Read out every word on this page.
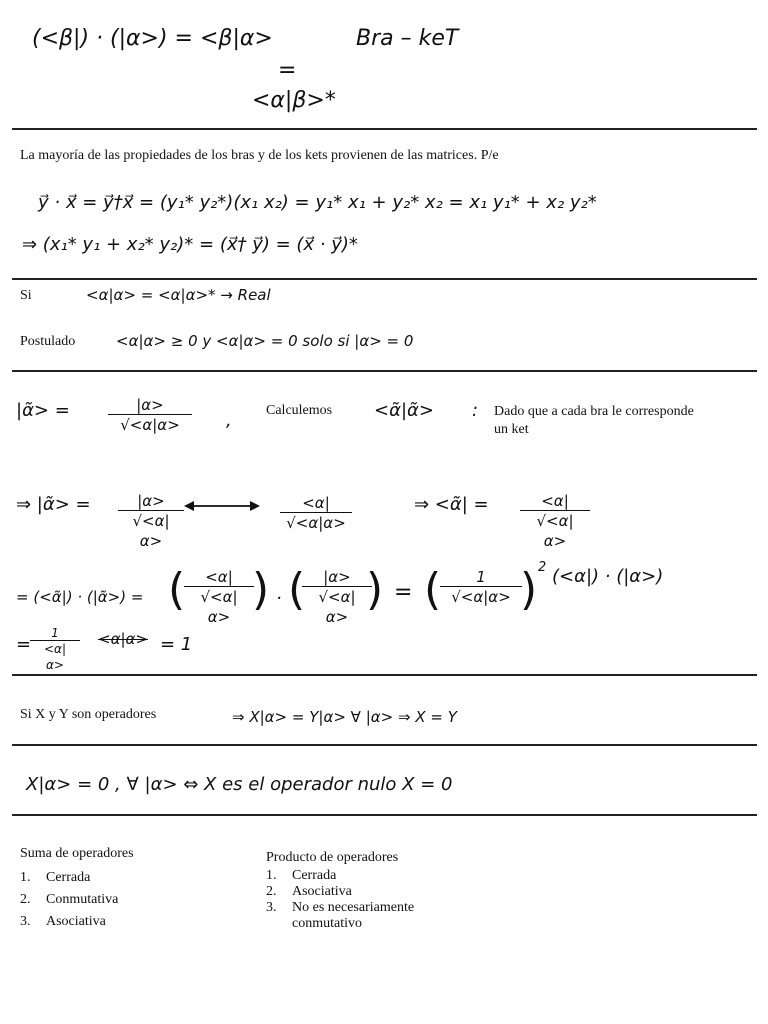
(<β|) · (|α>) = <β|α>	Bra – keT
=
<α|β>*
La mayoría de las propiedades de los bras y de los kets provienen de las matrices. P/e
y⃗ · x⃗ = y⃗†x⃗ = (y₁* y₂*)(x₁ x₂) = y₁* x₁ + y₂* x₂ = x₁ y₁* + x₂ y₂*
⇒ (x₁* y₁ + x₂* y₂)* = (x⃗† y⃗) = (x⃗ · y⃗)*
Si	<α|α> = <α|α>* → Real
Postulado	<α|α> ≥ 0 y <α|α> = 0 solo si |α> = 0
|α̃> =	$\frac{|\alpha>}{√<\alpha|\alpha>}$ , Calculemos <α̃|α̃> : Dado que a cada bra le corresponde
un ket
⇒ |α̃> = $\frac{|\alpha>}{√<\alpha|\alpha>}$	$\frac{<\alpha|}{√<\alpha|\alpha>}$	⇒ <α̃| = $\frac{<\alpha|}{√<\alpha|\alpha>}$
= (<α̃|) · (|α̃>) = (
$\frac{<\alpha|}{√<\alpha|\alpha>}$
) · (
$\frac{|\alpha>}{√<\alpha|\alpha>}$
) = (
$\frac{1}{√<\alpha|\alpha>}$
) 2 (<α|) · (|α>)
=
$\frac{1}{<\alpha|\alpha>} <\alpha|\alpha> = 1$
Si X y Y son operadores	⇒ X|α> = Y|α> ∀ |α> ⇒ X = Y
X|α> = 0 , ∀ |α> ⇔ X es el operador nulo X = 0
Suma de operadores
1. Cerrada
2. Conmutativa
3. Asociativa
Producto de operadores
1. Cerrada
2. Asociativa
3. No es necesariamente
conmutativo
